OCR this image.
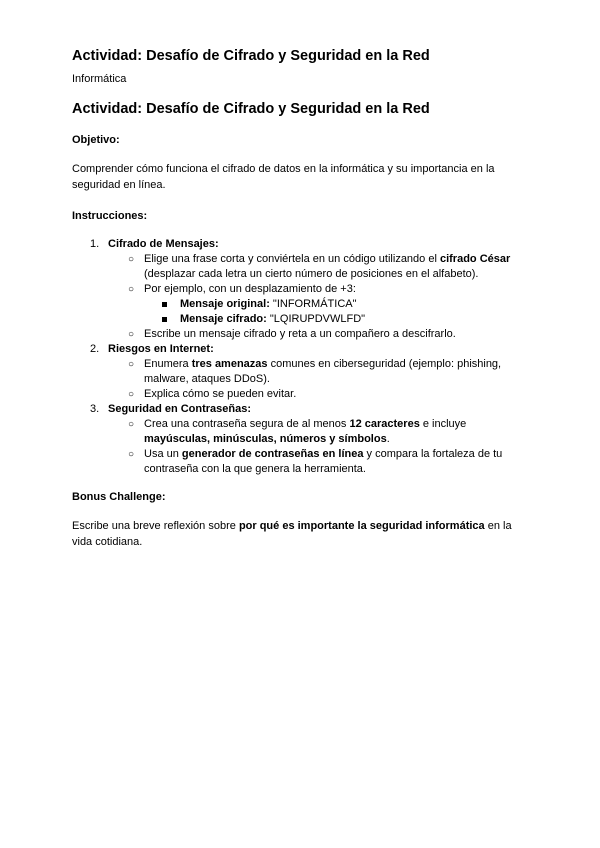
Actividad: Desafío de Cifrado y Seguridad en la Red
Informática
Actividad: Desafío de Cifrado y Seguridad en la Red
Objetivo:

Comprender cómo funciona el cifrado de datos en la informática y su importancia en la seguridad en línea.

Instrucciones:
1. Cifrado de Mensajes:
○ Elige una frase corta y conviértela en un código utilizando el cifrado César (desplazar cada letra un cierto número de posiciones en el alfabeto).
○ Por ejemplo, con un desplazamiento de +3:
Mensaje original: "INFORMÁTICA"
Mensaje cifrado: "LQIRUPDVWLFD"
○ Escribe un mensaje cifrado y reta a un compañero a descifrarlo.
2. Riesgos en Internet:
○ Enumera tres amenazas comunes en ciberseguridad (ejemplo: phishing, malware, ataques DDoS).
○ Explica cómo se pueden evitar.
3. Seguridad en Contraseñas:
○ Crea una contraseña segura de al menos 12 caracteres e incluye mayúsculas, minúsculas, números y símbolos.
○ Usa un generador de contraseñas en línea y compara la fortaleza de tu contraseña con la que genera la herramienta.
Bonus Challenge:

Escribe una breve reflexión sobre por qué es importante la seguridad informática en la vida cotidiana.
